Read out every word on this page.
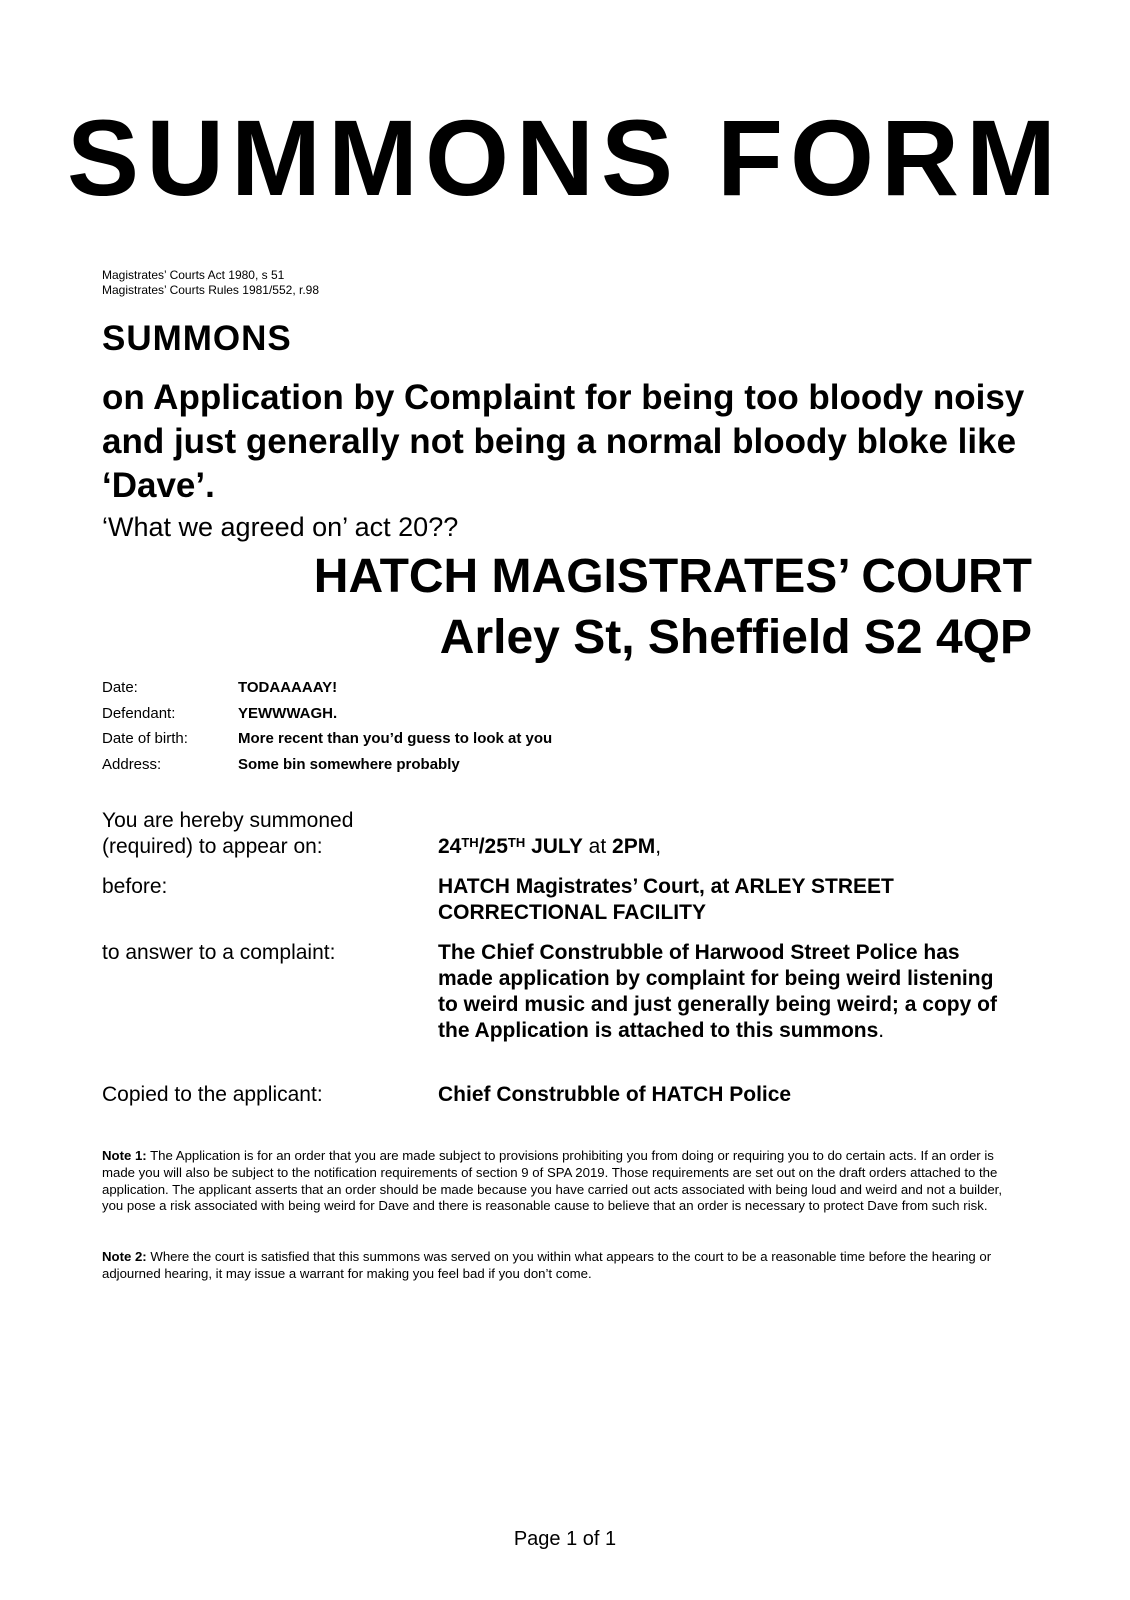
SUMMONS FORM
Magistrates’ Courts Act 1980, s 51
Magistrates’ Courts Rules 1981/552, r.98
SUMMONS
on Application by Complaint for being too bloody noisy and just generally not being a normal bloody bloke like ‘Dave’.
‘What we agreed on’ act 20??
HATCH MAGISTRATES’ COURT
Arley St, Sheffield S2 4QP
Date:	TODAAAAAY!
Defendant:	YEWWWAGH.
Date of birth:	More recent than you’d guess to look at you
Address:	Some bin somewhere probably
You are hereby summoned (required) to appear on:	24TH/25TH JULY at 2PM,
before:	HATCH Magistrates’ Court, at ARLEY STREET CORRECTIONAL FACILITY
to answer to a complaint:	The Chief Construbble of Harwood Street Police has made application by complaint for being weird listening to weird music and just generally being weird; a copy of the Application is attached to this summons.
Copied to the applicant:	Chief Construbble of HATCH Police

Note 1: The Application is for an order that you are made subject to provisions prohibiting you from doing or requiring you to do certain acts. If an order is made you will also be subject to the notification requirements of section 9 of SPA 2019. Those requirements are set out on the draft orders attached to the application. The applicant asserts that an order should be made because you have carried out acts associated with being loud and weird and not a builder, you pose a risk associated with being weird for Dave and there is reasonable cause to believe that an order is necessary to protect Dave from such risk.

Note 2: Where the court is satisfied that this summons was served on you within what appears to the court to be a reasonable time before the hearing or adjourned hearing, it may issue a warrant for making you feel bad if you don’t come.

Page 1 of 1
